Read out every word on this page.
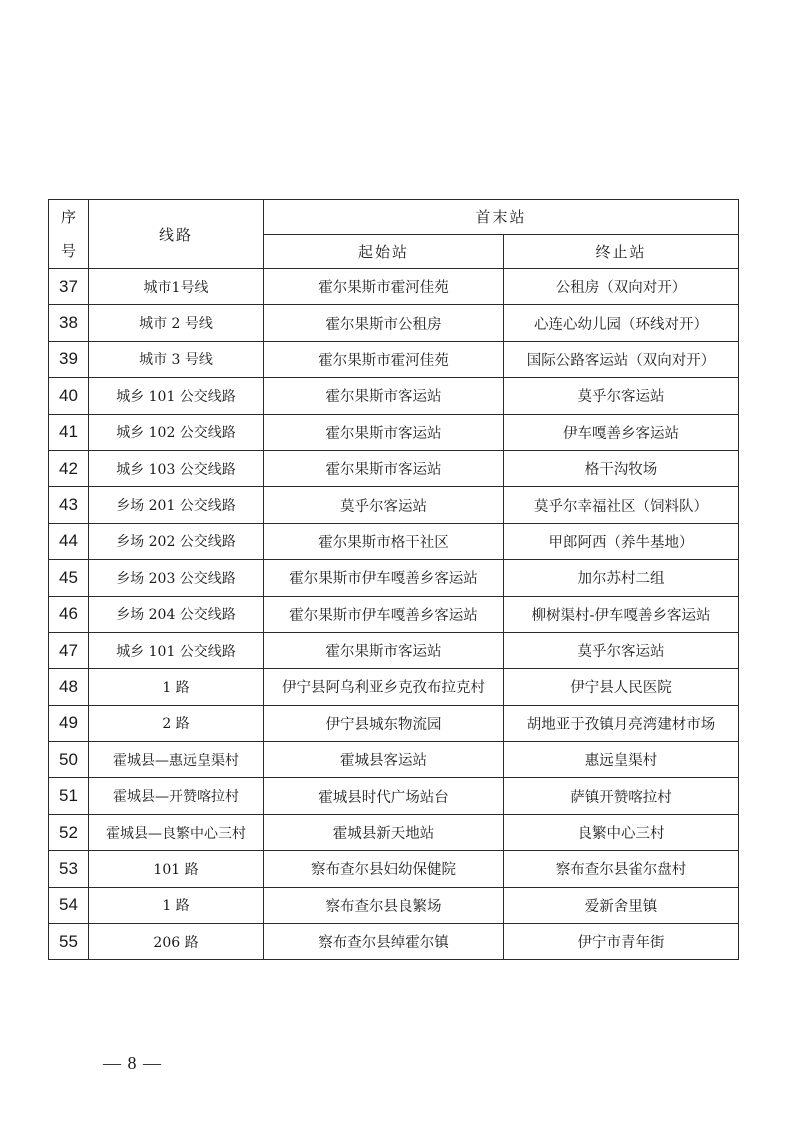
序
号	线路	首末站	
		起始站	终止站
37	城市1号线	霍尔果斯市霍河佳苑	公租房（双向对开）
38	城市 2 号线	霍尔果斯市公租房	心连心幼儿园（环线对开）
39	城市 3 号线	霍尔果斯市霍河佳苑	国际公路客运站（双向对开）
40	城乡 101 公交线路	霍尔果斯市客运站	莫乎尔客运站
41	城乡 102 公交线路	霍尔果斯市客运站	伊车嘎善乡客运站
42	城乡 103 公交线路	霍尔果斯市客运站	格干沟牧场
43	乡场 201 公交线路	莫乎尔客运站	莫乎尔幸福社区（饲料队）
44	乡场 202 公交线路	霍尔果斯市格干社区	甲郎阿西（养牛基地）
45	乡场 203 公交线路	霍尔果斯市伊车嘎善乡客运站	加尔苏村二组
46	乡场 204 公交线路	霍尔果斯市伊车嘎善乡客运站	柳树渠村-伊车嘎善乡客运站
47	城乡 101 公交线路	霍尔果斯市客运站	莫乎尔客运站
48	1 路	伊宁县阿乌利亚乡克孜布拉克村	伊宁县人民医院
49	2 路	伊宁县城东物流园	胡地亚于孜镇月亮湾建材市场
50	霍城县—惠远皇渠村	霍城县客运站	惠远皇渠村
51	霍城县—开赞喀拉村	霍城县时代广场站台	萨镇开赞喀拉村
52	霍城县—良繁中心三村	霍城县新天地站	良繁中心三村
53	101 路	察布查尔县妇幼保健院	察布查尔县雀尔盘村
54	1 路	察布查尔县良繁场	爱新舍里镇
55	206 路	察布查尔县绰霍尔镇	伊宁市青年街
— 8 —
